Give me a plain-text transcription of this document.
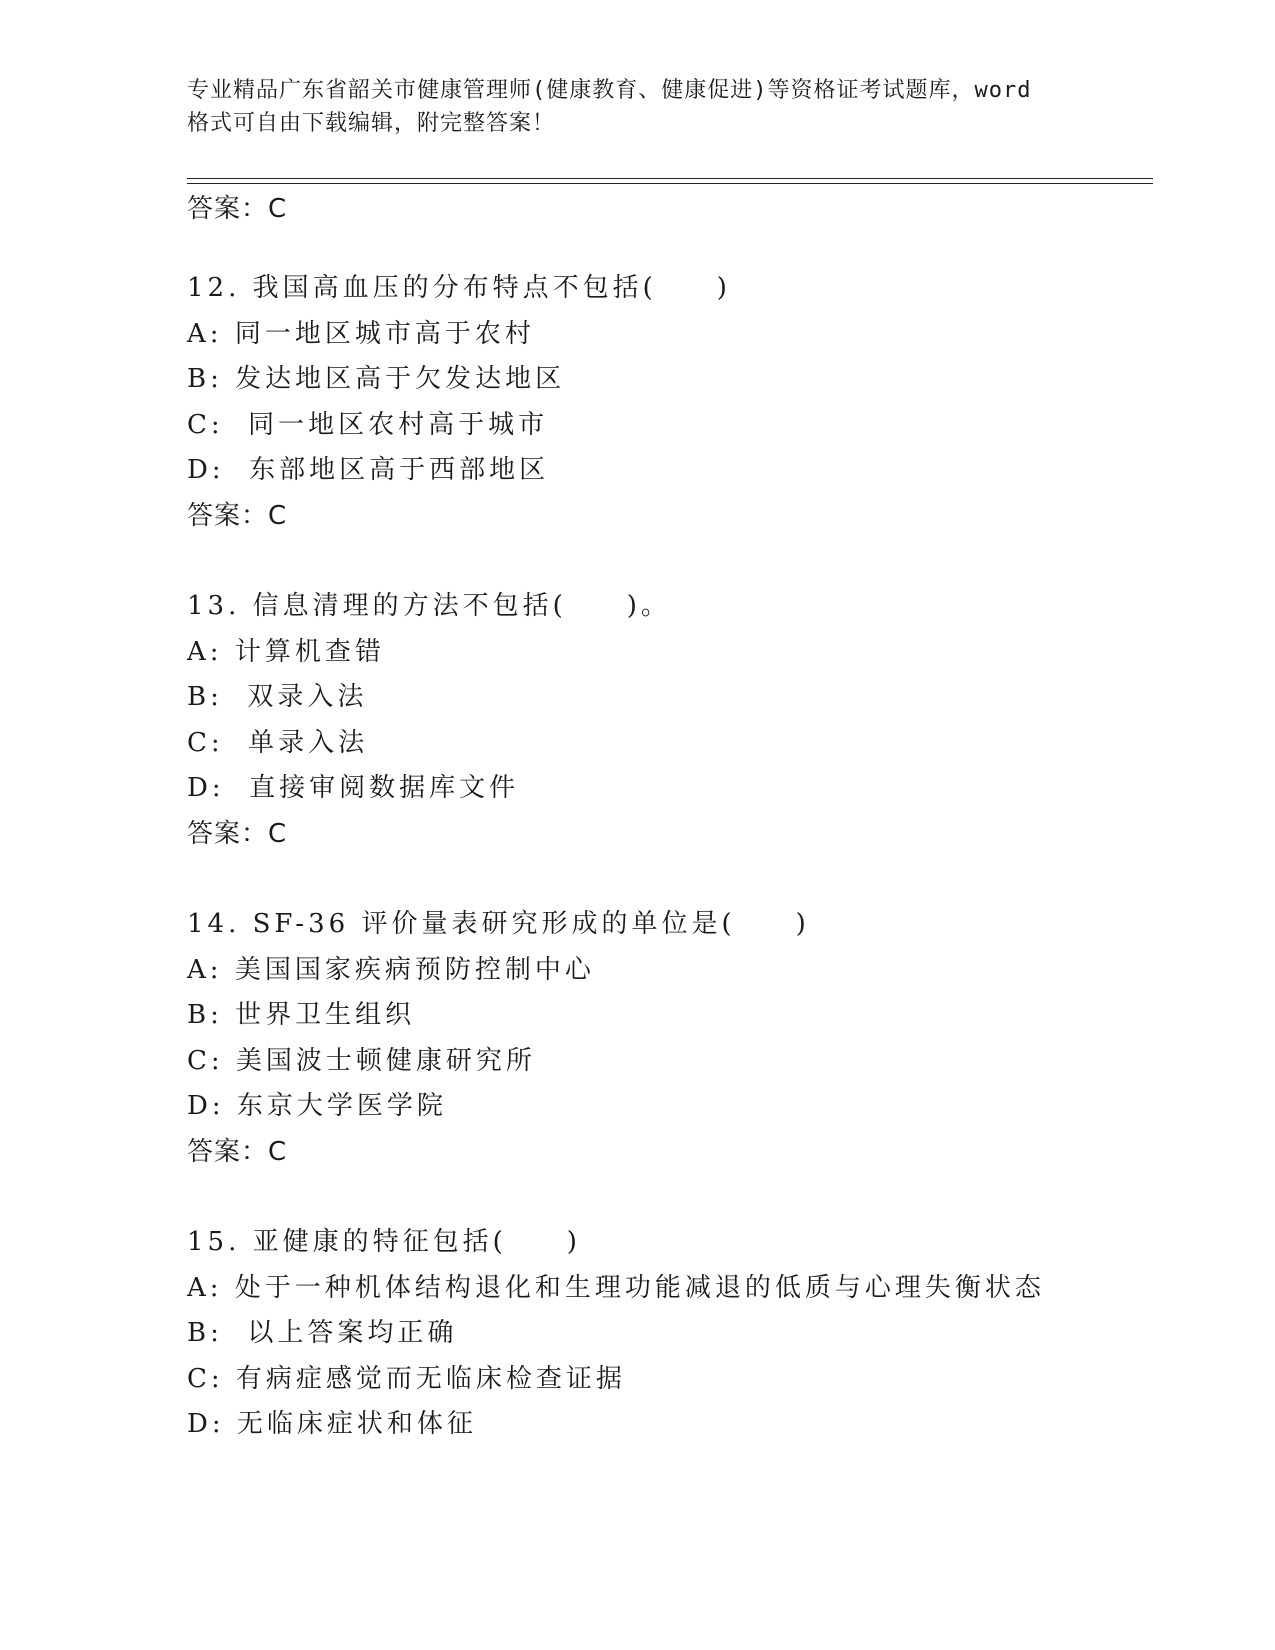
专业精品广东省韶关市健康管理师(健康教育、健康促进)等资格证考试题库，word
格式可自由下载编辑，附完整答案！
答案：C
12. 我国高血压的分布特点不包括(　　)
A: 同一地区城市高于农村
B: 发达地区高于欠发达地区
C:  同一地区农村高于城市
D:  东部地区高于西部地区
答案：C
13. 信息清理的方法不包括(　　)。
A: 计算机查错
B:  双录入法
C:  单录入法
D:  直接审阅数据库文件
答案：C
14. SF-36 评价量表研究形成的单位是(　　)
A: 美国国家疾病预防控制中心
B: 世界卫生组织
C: 美国波士顿健康研究所
D: 东京大学医学院
答案：C
15. 亚健康的特征包括(　　)
A: 处于一种机体结构退化和生理功能减退的低质与心理失衡状态
B:  以上答案均正确
C: 有病症感觉而无临床检查证据
D: 无临床症状和体征
